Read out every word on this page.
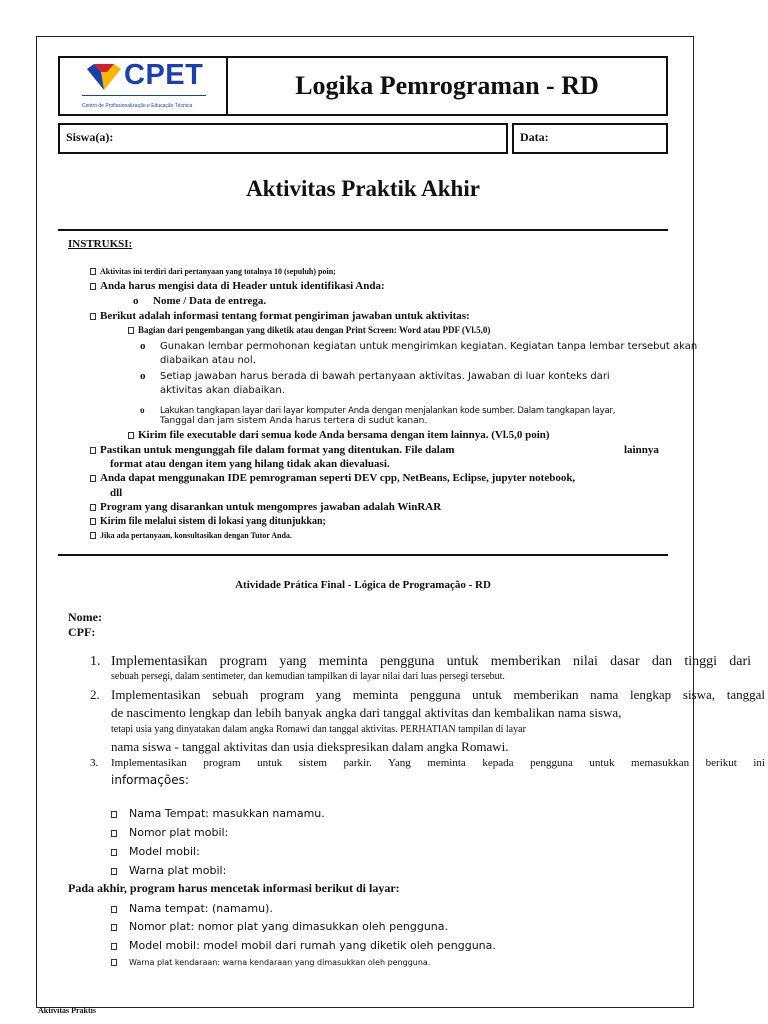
CPET
Centro de Profissionalização e Educação Técnica
Logika Pemrograman - RD
Siswa(a):	Data:
Aktivitas Praktik Akhir
INSTRUKSI:
Aktivitas ini terdiri dari pertanyaan yang totalnya 10 (sepuluh) poin;
Anda harus mengisi data di Header untuk identifikasi Anda:
o Nome / Data de entrega.
Berikut adalah informasi tentang format pengiriman jawaban untuk aktivitas:
Bagian dari pengembangan yang diketik atau dengan Print Screen: Word atau PDF (Vl.5,0)
o Gunakan lembar permohonan kegiatan untuk mengirimkan kegiatan. Kegiatan tanpa lembar tersebut akan
diabaikan atau nol.
o Setiap jawaban harus berada di bawah pertanyaan aktivitas. Jawaban di luar konteks dari
aktivitas akan diabaikan.
o Lakukan tangkapan layar dari layar komputer Anda dengan menjalankan kode sumber. Dalam tangkapan layar,
Tanggal dan jam sistem Anda harus tertera di sudut kanan.
Kirim file executable dari semua kode Anda bersama dengan item lainnya. (Vl.5,0 poin)
Pastikan untuk mengunggah file dalam format yang ditentukan. File dalam	lainnya
format atau dengan item yang hilang tidak akan dievaluasi.
Anda dapat menggunakan IDE pemrograman seperti DEV cpp, NetBeans, Eclipse, jupyter notebook,
dll
Program yang disarankan untuk mengompres jawaban adalah WinRAR
Kirim file melalui sistem di lokasi yang ditunjukkan;
Jika ada pertanyaan, konsultasikan dengan Tutor Anda.
Atividade Prática Final - Lógica de Programação - RD
Nome:
CPF:
1. Implementasikan program yang meminta pengguna untuk memberikan nilai dasar dan tinggi dari
sebuah persegi, dalam sentimeter, dan kemudian tampilkan di layar nilai dari luas persegi tersebut.
2. Implementasikan sebuah program yang meminta pengguna untuk memberikan nama lengkap siswa, tanggal
de nascimento lengkap dan lebih banyak angka dari tanggal aktivitas dan kembalikan nama siswa,
tetapi usia yang dinyatakan dalam angka Romawi dan tanggal aktivitas. PERHATIAN tampilan di layar
nama siswa - tanggal aktivitas dan usia diekspresikan dalam angka Romawi.
3. Implementasikan program untuk sistem parkir. Yang meminta kepada pengguna untuk memasukkan berikut ini
informações:
Nama Tempat: masukkan namamu.
Nomor plat mobil:
Model mobil:
Warna plat mobil:
Pada akhir, program harus mencetak informasi berikut di layar:
Nama tempat: (namamu).
Nomor plat: nomor plat yang dimasukkan oleh pengguna.
Model mobil: model mobil dari rumah yang diketik oleh pengguna.
Warna plat kendaraan: warna kendaraan yang dimasukkan oleh pengguna.
Aktivitas Praktis
